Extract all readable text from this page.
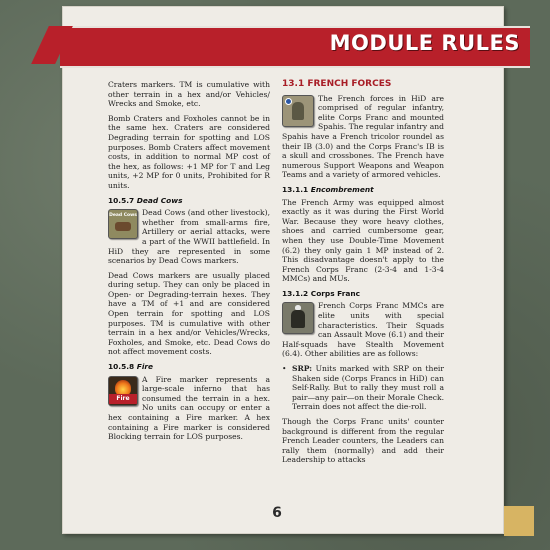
MODULE RULES

Craters markers. TM is cumulative with other terrain in a hex and/or Vehicles/ Wrecks and Smoke, etc.

Bomb Craters and Foxholes cannot be in the same hex. Craters are considered Degrading terrain for spotting and LOS purposes. Bomb Craters affect movement costs, in addition to normal MP cost of the hex, as follows: +1 MP for T and Leg units, +2 MP for 0 units, Prohibited for R units.

10.5.7 Dead Cows
Dead Cows Dead Cows (and other livestock), whether from small-arms fire, Artillery or aerial attacks, were a part of the WWII battlefield. In HiD they are represented in some scenarios by Dead Cows markers.

Dead Cows markers are usually placed during setup. They can only be placed in Open- or Degrading-terrain hexes. They have a TM of +1 and are considered Open terrain for spotting and LOS purposes. TM is cumulative with other terrain in a hex and/or Vehicles/Wrecks, Foxholes, and Smoke, etc. Dead Cows do not affect movement costs.

10.5.8 Fire
Fire

A Fire marker represents a large-scale inferno that has consumed the terrain in a hex. No units can occupy or enter a hex containing a Fire marker. A hex containing a Fire marker is considered Blocking terrain for LOS purposes.

13.1 FRENCH FORCES

The French forces in HiD are comprised of regular infantry, elite Corps Franc and mounted Spahis. The regular infantry and Spahis have a French tricolor roundel as their IB (3.0) and the Corps Franc's IB is a skull and crossbones. The French have numerous Support Weapons and Weapon Teams and a variety of armored vehicles.

13.1.1 Encombrement

The French Army was equipped almost exactly as it was during the First World War. Because they wore heavy clothes, shoes and carried cumbersome gear, when they use Double-Time Movement (6.2) they only gain 1 MP instead of 2. This disadvantage doesn't apply to the French Corps Franc (2-3-4 and 1-3-4 MMCs) and MUs.

13.1.2 Corps Franc

French Corps Franc MMCs are elite units with special characteristics. Their Squads can Assault Move (6.1) and their Half-squads have Stealth Movement (6.4). Other abilities are as follows:

• SRP: Units marked with SRP on their Shaken side (Corps Francs in HiD) can Self-Rally. But to rally they must roll a pair—any pair—on their Morale Check. Terrain does not affect the die-roll.

Though the Corps Franc units' counter background is different from the regular French Leader counters, the Leaders can rally them (normally) and add their Leadership to attacks

6
